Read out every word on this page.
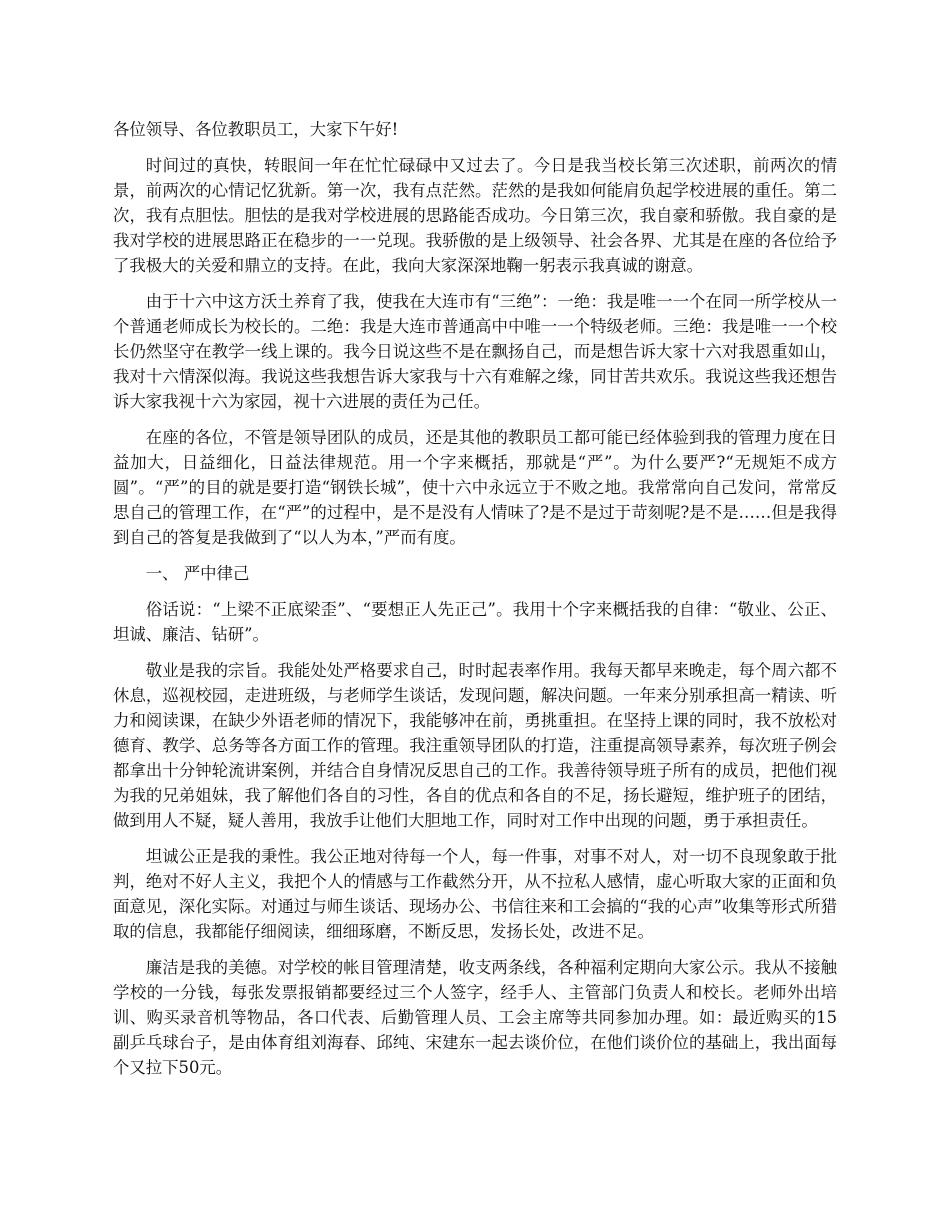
各位领导、各位教职员工，大家下午好!

时间过的真快，转眼间一年在忙忙碌碌中又过去了。今日是我当校长第三次述职，前两次的情景，前两次的心情记忆犹新。第一次，我有点茫然。茫然的是我如何能肩负起学校进展的重任。第二次，我有点胆怯。胆怯的是我对学校进展的思路能否成功。今日第三次，我自豪和骄傲。我自豪的是我对学校的进展思路正在稳步的一一兑现。我骄傲的是上级领导、社会各界、尤其是在座的各位给予了我极大的关爱和鼎立的支持。在此，我向大家深深地鞠一躬表示我真诚的谢意。

由于十六中这方沃土养育了我，使我在大连市有“三绝”：一绝：我是唯一一个在同一所学校从一个普通老师成长为校长的。二绝：我是大连市普通高中中唯一一个特级老师。三绝：我是唯一一个校长仍然坚守在教学一线上课的。我今日说这些不是在飘扬自己，而是想告诉大家十六对我恩重如山，我对十六情深似海。我说这些我想告诉大家我与十六有难解之缘，同甘苦共欢乐。我说这些我还想告诉大家我视十六为家园，视十六进展的责任为己任。

在座的各位，不管是领导团队的成员，还是其他的教职员工都可能已经体验到我的管理力度在日益加大，日益细化，日益法律规范。用一个字来概括，那就是“严”。为什么要严?“无规矩不成方圆”。“严”的目的就是要打造“钢铁长城”，使十六中永远立于不败之地。我常常向自己发问，常常反思自己的管理工作，在“严”的过程中，是不是没有人情味了?是不是过于苛刻呢?是不是……但是我得到自己的答复是我做到了“以人为本，”严而有度。

一、 严中律己

俗话说：“上梁不正底梁歪”、“要想正人先正己”。我用十个字来概括我的自律：“敬业、公正、坦诚、廉洁、钻研”。

敬业是我的宗旨。我能处处严格要求自己，时时起表率作用。我每天都早来晚走，每个周六都不休息，巡视校园，走进班级，与老师学生谈话，发现问题，解决问题。一年来分别承担高一精读、听力和阅读课，在缺少外语老师的情况下，我能够冲在前，勇挑重担。在坚持上课的同时，我不放松对德育、教学、总务等各方面工作的管理。我注重领导团队的打造，注重提高领导素养，每次班子例会都拿出十分钟轮流讲案例，并结合自身情况反思自己的工作。我善待领导班子所有的成员，把他们视为我的兄弟姐妹，我了解他们各自的习性，各自的优点和各自的不足，扬长避短，维护班子的团结，做到用人不疑，疑人善用，我放手让他们大胆地工作，同时对工作中出现的问题，勇于承担责任。

坦诚公正是我的秉性。我公正地对待每一个人，每一件事，对事不对人，对一切不良现象敢于批判，绝对不好人主义，我把个人的情感与工作截然分开，从不拉私人感情，虚心听取大家的正面和负面意见，深化实际。对通过与师生谈话、现场办公、书信往来和工会搞的“我的心声”收集等形式所猎取的信息，我都能仔细阅读，细细琢磨，不断反思，发扬长处，改进不足。

廉洁是我的美德。对学校的帐目管理清楚，收支两条线，各种福利定期向大家公示。我从不接触学校的一分钱，每张发票报销都要经过三个人签字，经手人、主管部门负责人和校长。老师外出培训、购买录音机等物品，各口代表、后勤管理人员、工会主席等共同参加办理。如：最近购买的15副乒乓球台子，是由体育组刘海春、邱纯、宋建东一起去谈价位，在他们谈价位的基础上，我出面每个又拉下50元。
